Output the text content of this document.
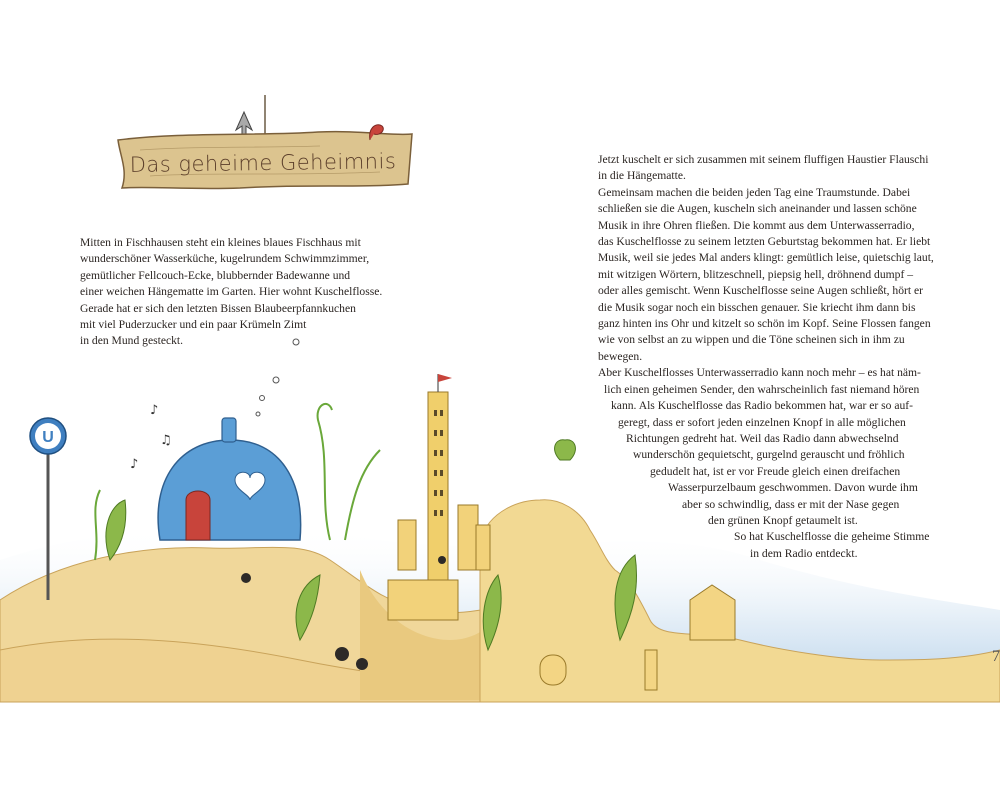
U
♪
♫
♪
Das geheime Geheimnis
Mitten in Fischhausen steht ein kleines blaues Fischhaus mit
wunderschöner Wasserküche, kugelrundem Schwimmzimmer,
gemütlicher Fellcouch-Ecke, blubbernder Badewanne und
einer weichen Hängematte im Garten. Hier wohnt Kuschelflosse.
Gerade hat er sich den letzten Bissen Blaubeerpfannkuchen
mit viel Puderzucker und ein paar Krümeln Zimt
in den Mund gesteckt.
Jetzt kuschelt er sich zusammen mit seinem fluffigen Haustier Flauschi
in die Hängematte.
Gemeinsam machen die beiden jeden Tag eine Traumstunde. Dabei
schließen sie die Augen, kuscheln sich aneinander und lassen schöne
Musik in ihre Ohren fließen. Die kommt aus dem Unterwasserradio,
das Kuschelflosse zu seinem letzten Geburtstag bekommen hat. Er liebt
Musik, weil sie jedes Mal anders klingt: gemütlich leise, quietschig laut,
mit witzigen Wörtern, blitzeschnell, piepsig hell, dröhnend dumpf –
oder alles gemischt. Wenn Kuschelflosse seine Augen schließt, hört er
die Musik sogar noch ein bisschen genauer. Sie kriecht ihm dann bis
ganz hinten ins Ohr und kitzelt so schön im Kopf. Seine Flossen fangen
wie von selbst an zu wippen und die Töne scheinen sich in ihm zu
bewegen.
Aber Kuschelflosses Unterwasserradio kann noch mehr – es hat näm-
lich einen geheimen Sender, den wahrscheinlich fast niemand hören
kann. Als Kuschelflosse das Radio bekommen hat, war er so auf-
geregt, dass er sofort jeden einzelnen Knopf in alle möglichen
Richtungen gedreht hat. Weil das Radio dann abwechselnd
wunderschön gequietscht, gurgelnd gerauscht und fröhlich
gedudelt hat, ist er vor Freude gleich einen dreifachen
Wasserpurzelbaum geschwommen. Davon wurde ihm
aber so schwindlig, dass er mit der Nase gegen
den grünen Knopf getaumelt ist.
So hat Kuschelflosse die geheime Stimme
in dem Radio entdeckt.
7
